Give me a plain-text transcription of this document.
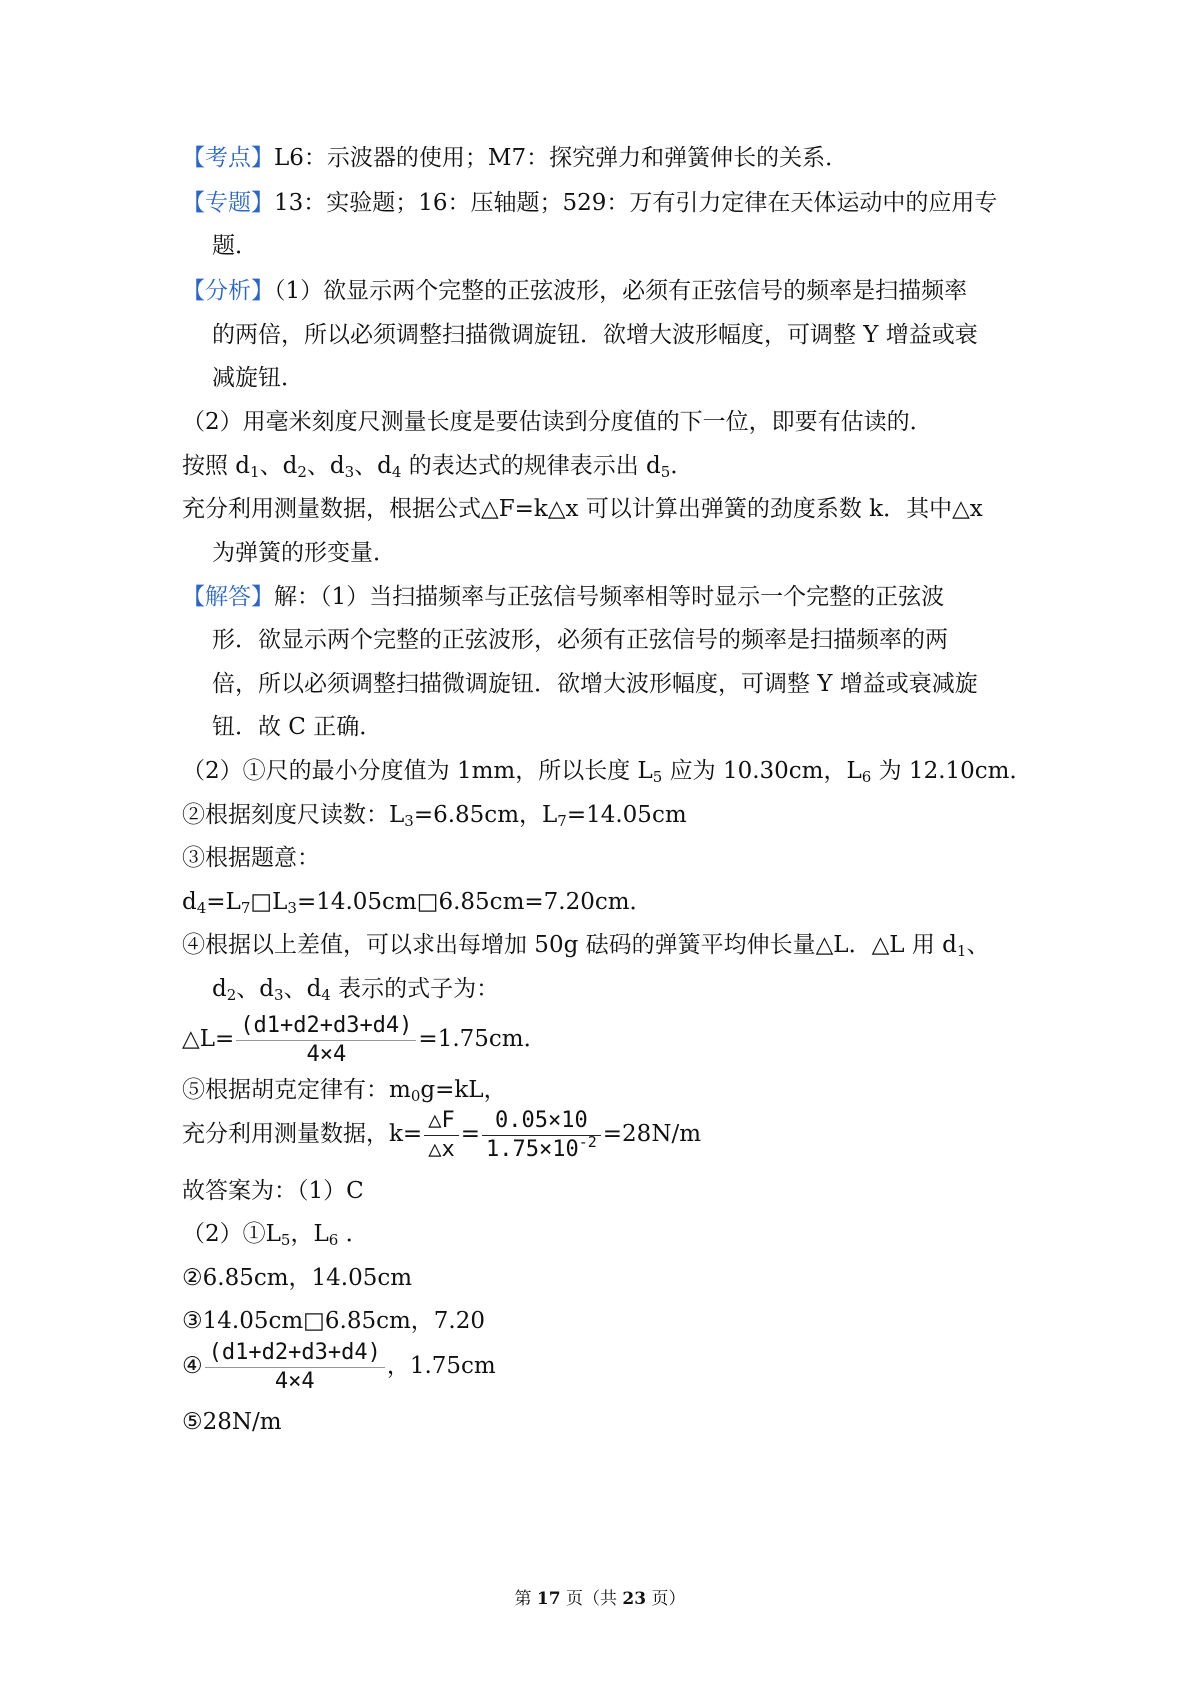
【考点】L6：示波器的使用；M7：探究弹力和弹簧伸长的关系．
【专题】13：实验题；16：压轴题；529：万有引力定律在天体运动中的应用专
题．
【分析】（1）欲显示两个完整的正弦波形，必须有正弦信号的频率是扫描频率
的两倍，所以必须调整扫描微调旋钮．欲增大波形幅度，可调整 Y 增益或衰
减旋钮．
（2）用毫米刻度尺测量长度是要估读到分度值的下一位，即要有估读的．
按照 $d_1$、$d_2$、$d_3$、$d_4$ 的表达式的规律表示出 $d_5$．
充分利用测量数据，根据公式△F=k△x 可以计算出弹簧的劲度系数 k．其中△x
为弹簧的形变量．
【解答】解：（1）当扫描频率与正弦信号频率相等时显示一个完整的正弦波
形．欲显示两个完整的正弦波形，必须有正弦信号的频率是扫描频率的两
倍，所以必须调整扫描微调旋钮．欲增大波形幅度，可调整 Y 增益或衰减旋
钮．故 C 正确．
（2）①尺的最小分度值为 1mm，所以长度 $L_5$ 应为 10.30cm，$L_6$ 为 12.10cm．
②根据刻度尺读数：$L_3=6.85cm$，$L_7=14.05cm$
③根据题意：
$d_4=L_7□L_3=14.05cm□6.85cm=7.20cm$．
④根据以上差值，可以求出每增加 50g 砝码的弹簧平均伸长量△L．△L 用 $d_1$、
$d_2$、$d_3$、$d_4$ 表示的式子为：
△L= $\frac{(d1+d2+d3+d4)}{4\times 4} =1.75cm$．
⑤根据胡克定律有：$m_0g=kL$，
充分利用测量数据，$k= \frac{\triangle F}{\triangle x} = \frac{0.05\times 10}{1.75\times 10^{-2}} =28N/m$
故答案为：（1）C
$(2)①L_5$，$L_6$ ．
②6.85cm，14.05cm
③14.05cm□6.85cm，7.20
④ $\frac{(d1+d2+d3+d4)}{4\times 4}$ ，1.75cm
⑤28N/m
第 17 页（共 23 页）
